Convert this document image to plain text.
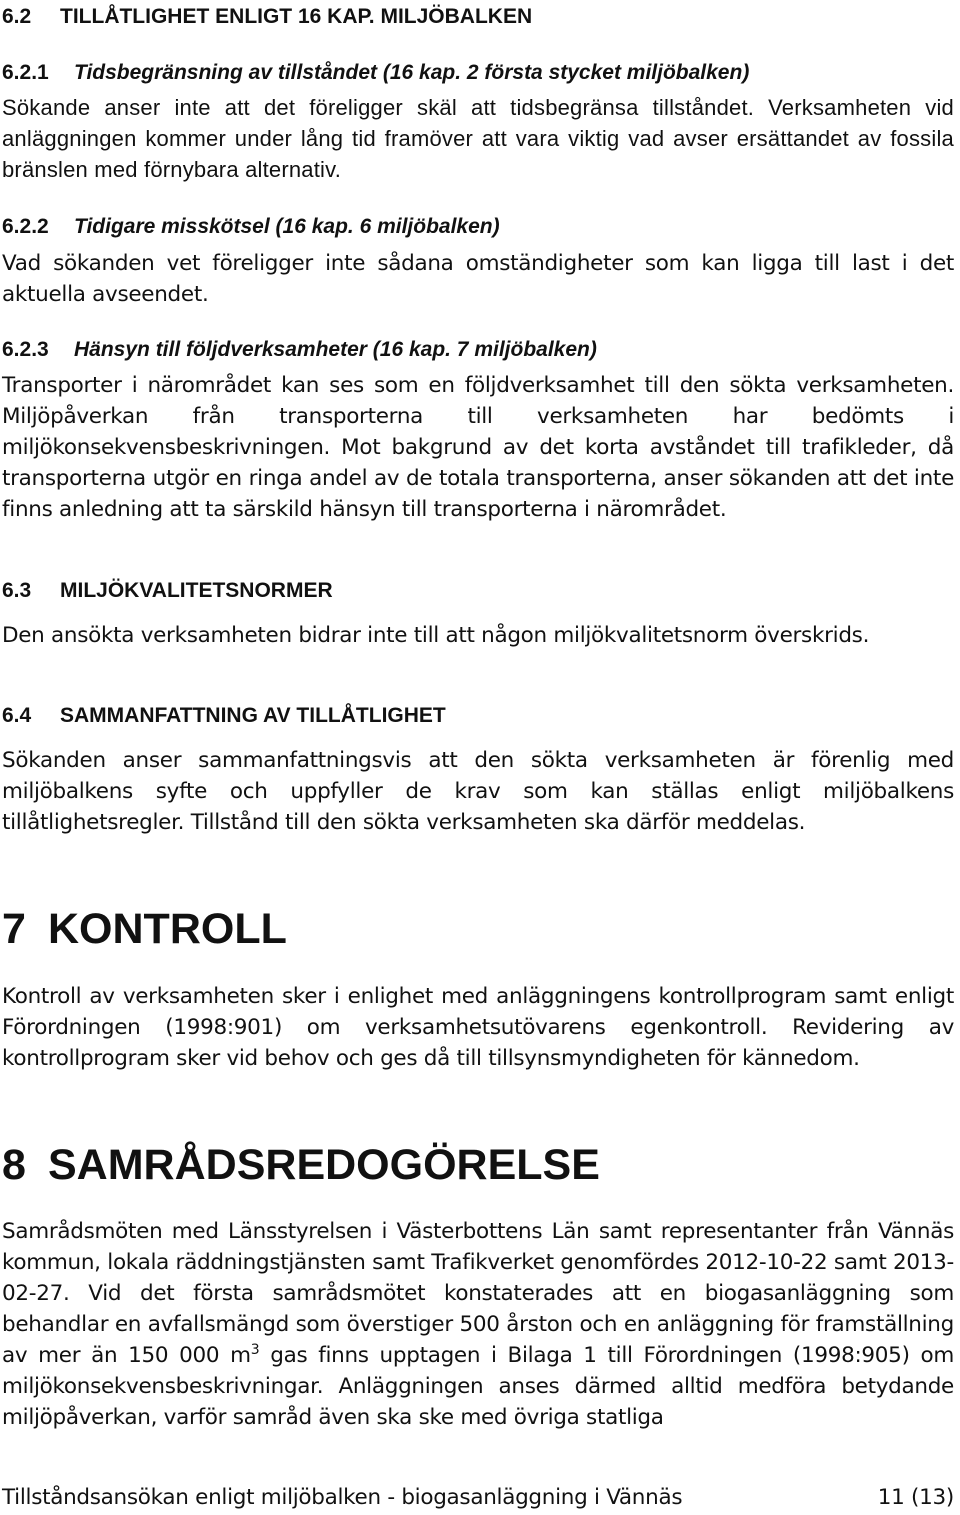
6.2 TILLÅTLIGHET ENLIGT 16 KAP. MILJÖBALKEN
6.2.1 Tidsbegränsning av tillståndet (16 kap. 2 första stycket miljöbalken)

Sökande anser inte att det föreligger skäl att tidsbegränsa tillståndet. Verksamheten vid anläggningen kommer under lång tid framöver att vara viktig vad avser ersättandet av fossila bränslen med förnybara alternativ.

6.2.2 Tidigare misskötsel (16 kap. 6 miljöbalken)

Vad sökanden vet föreligger inte sådana omständigheter som kan ligga till last i det aktuella avseendet.

6.2.3 Hänsyn till följdverksamheter (16 kap. 7 miljöbalken)

Transporter i närområdet kan ses som en följdverksamhet till den sökta verksamheten. Miljöpåverkan från transporterna till verksamheten har bedömts i miljökonsekvensbeskrivningen. Mot bakgrund av det korta avståndet till trafikleder, då transporterna utgör en ringa andel av de totala transporterna, anser sökanden att det inte finns anledning att ta särskild hänsyn till transporterna i närområdet.

6.3 MILJÖKVALITETSNORMER

Den ansökta verksamheten bidrar inte till att någon miljökvalitetsnorm överskrids.

6.4 SAMMANFATTNING AV TILLÅTLIGHET

Sökanden anser sammanfattningsvis att den sökta verksamheten är förenlig med miljöbalkens syfte och uppfyller de krav som kan ställas enligt miljöbalkens tillåtlighetsregler. Tillstånd till den sökta verksamheten ska därför meddelas.

7 KONTROLL

Kontroll av verksamheten sker i enlighet med anläggningens kontrollprogram samt enligt Förordningen (1998:901) om verksamhetsutövarens egenkontroll. Revidering av kontrollprogram sker vid behov och ges då till tillsynsmyndigheten för kännedom.

8 SAMRÅDSREDOGÖRELSE

Samrådsmöten med Länsstyrelsen i Västerbottens Län samt representanter från Vännäs kommun, lokala räddningstjänsten samt Trafikverket genomfördes 2012-10-22 samt 2013-02-27. Vid det första samrådsmötet konstaterades att en biogasanläggning som behandlar en avfallsmängd som överstiger 500 årston och en anläggning för framställning av mer än 150 000 $m^3$ gas finns upptagen i Bilaga 1 till Förordningen (1998:905) om miljökonsekvensbeskrivningar. Anläggningen anses därmed alltid medföra betydande miljöpåverkan, varför samråd även ska ske med övriga statliga

Tillståndsansökan enligt miljöbalken - biogasanläggning i Vännäs	11 (13)
